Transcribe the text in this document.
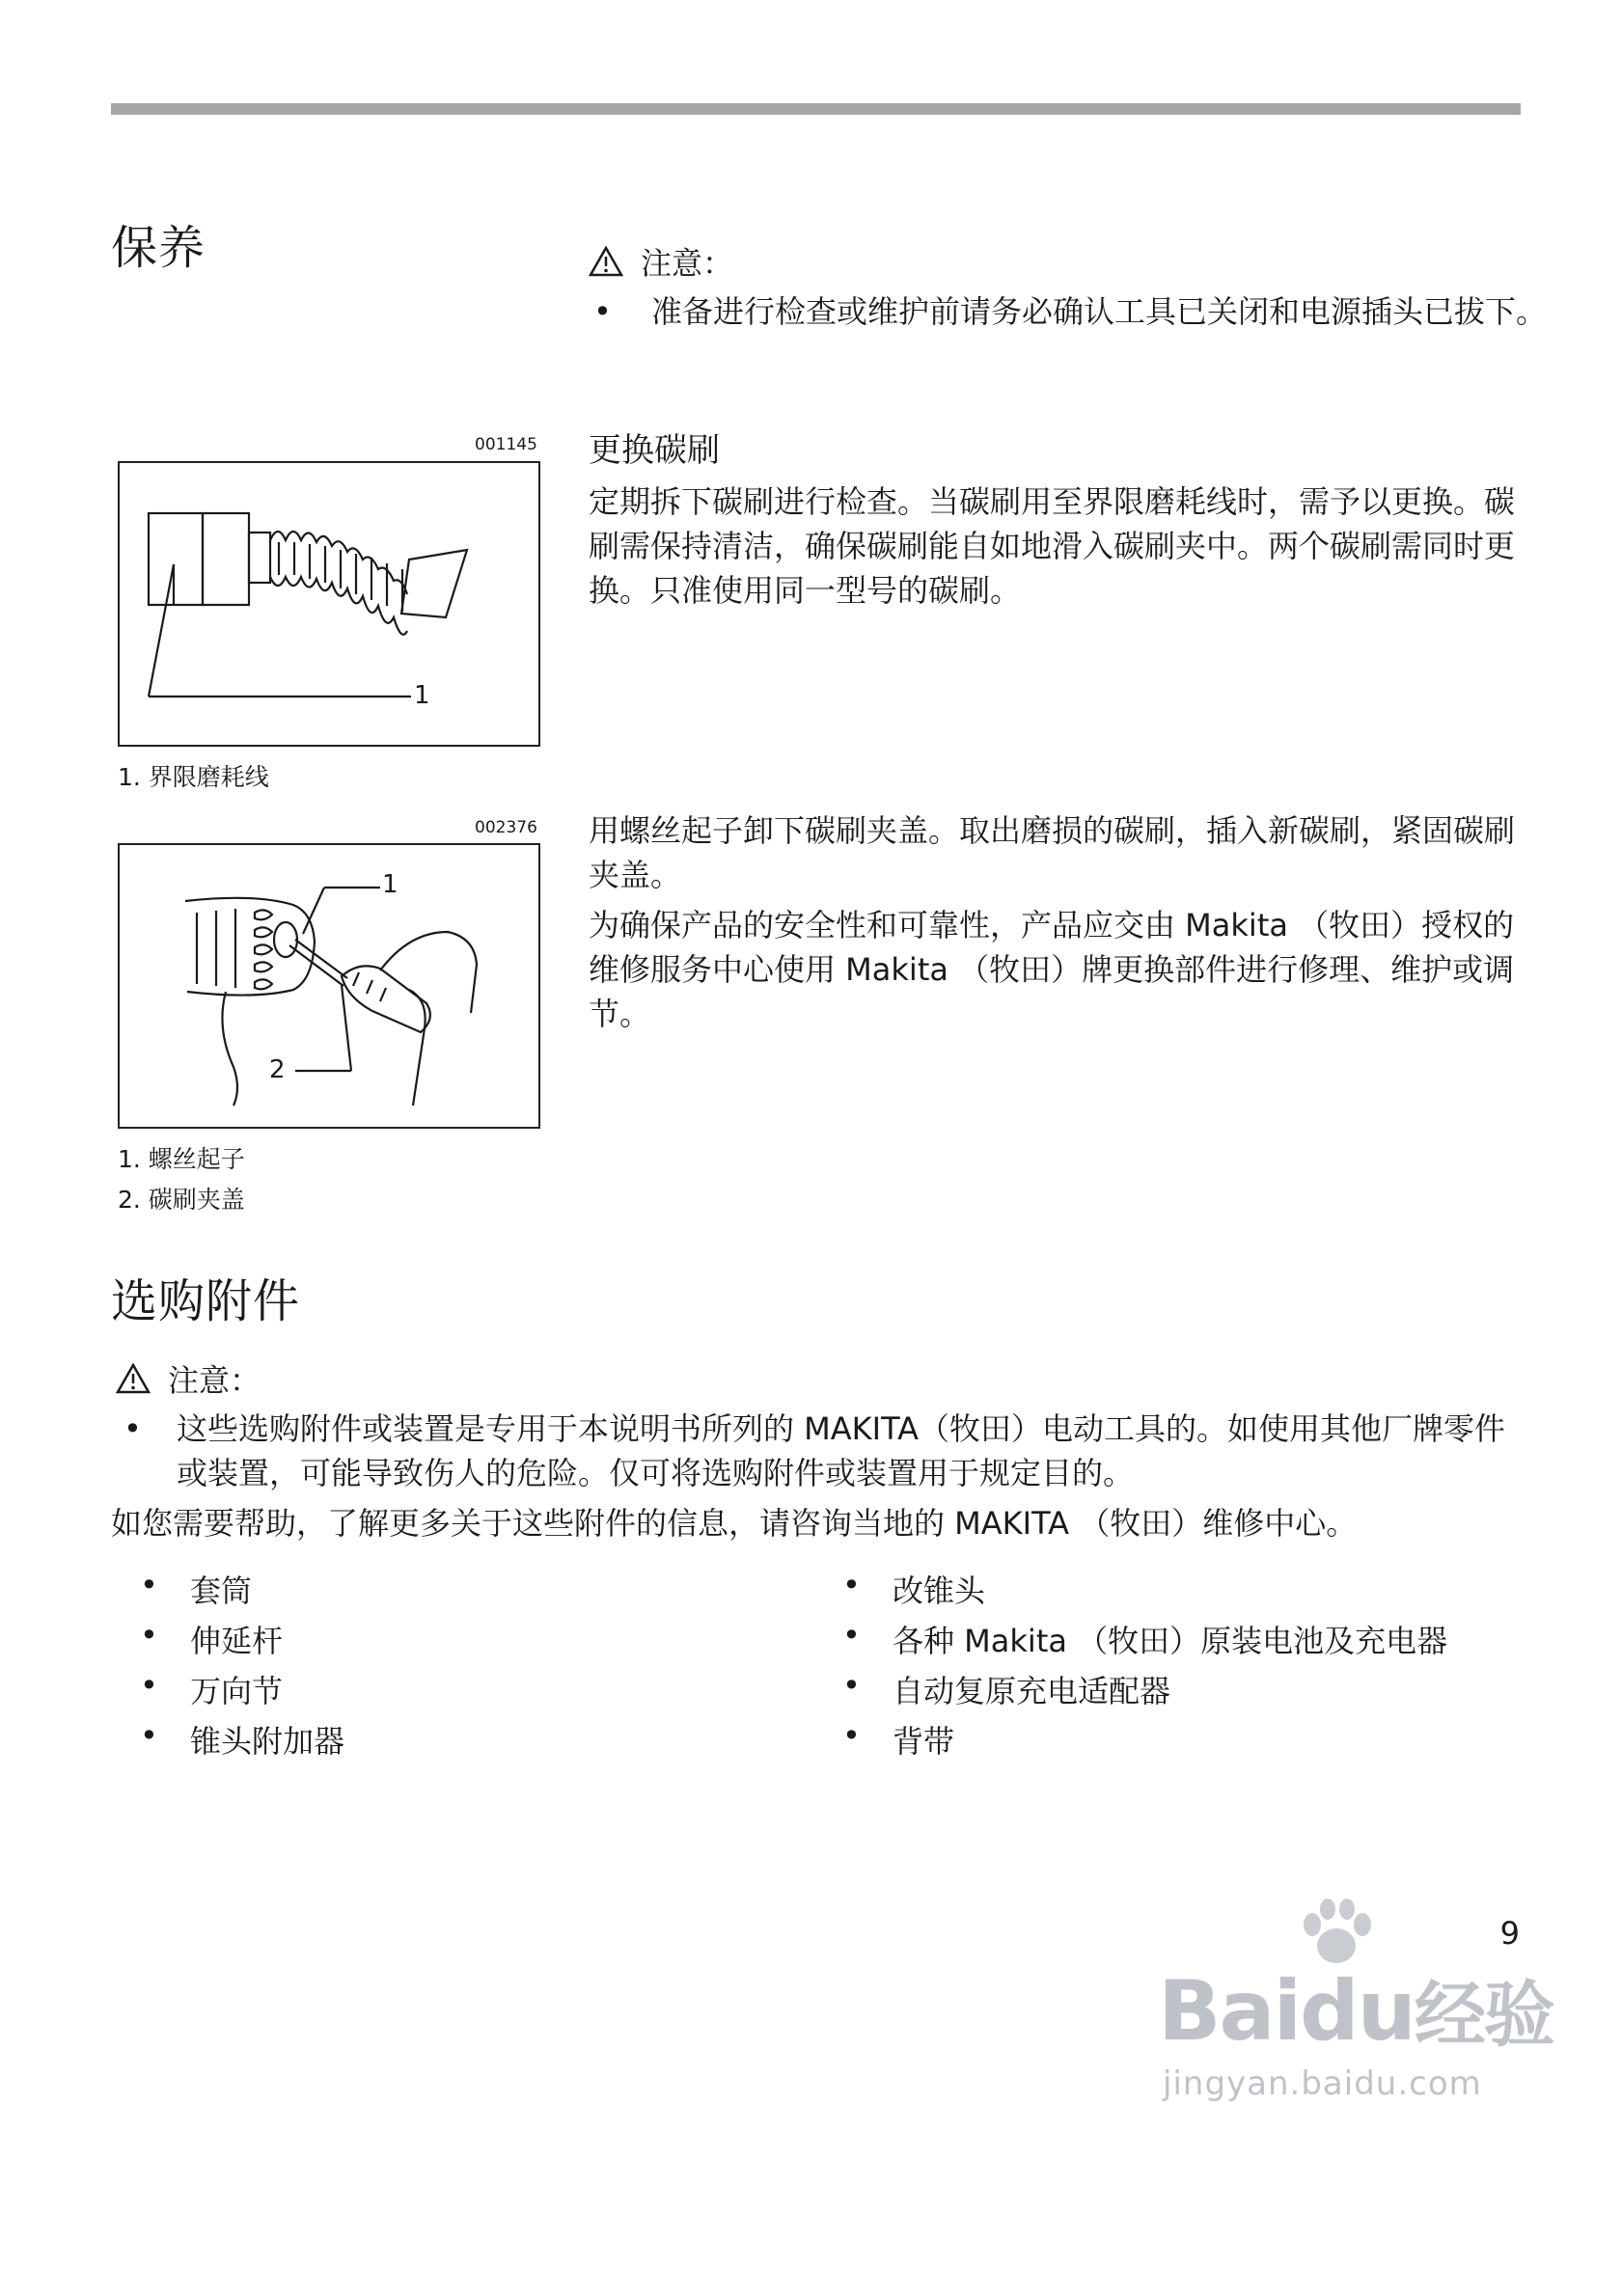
保养	注意：
• 准备进行检查或维护前请务必确认工具已关闭和电源插头已拔下。
001145
1
1. 界限磨耗线
更换碳刷

定期拆下碳刷进行检查。当碳刷用至界限磨耗线时，需予以更换。碳刷需保持清洁，确保碳刷能自如地滑入碳刷夹中。两个碳刷需同时更换。只准使用同一型号的碳刷。

002376
1
2
1. 螺丝起子
2. 碳刷夹盖

用螺丝起子卸下碳刷夹盖。取出磨损的碳刷，插入新碳刷，紧固碳刷夹盖。

为确保产品的安全性和可靠性，产品应交由 Makita （牧田）授权的维修服务中心使用 Makita （牧田）牌更换部件进行修理、维护或调节。

选购附件
注意：
• 这些选购附件或装置是专用于本说明书所列的 MAKITA（牧田）电动工具的。如使用其他厂牌零件或装置，可能导致伤人的危险。仅可将选购附件或装置用于规定目的。

如您需要帮助，了解更多关于这些附件的信息，请咨询当地的 MAKITA （牧田）维修中心。

• 套筒
• 伸延杆
• 万向节
• 锥头附加器
• 改锥头
• 各种 Makita （牧田）原装电池及充电器
• 自动复原充电适配器
• 背带
Baidu经验
jingyan.baidu.com
9
